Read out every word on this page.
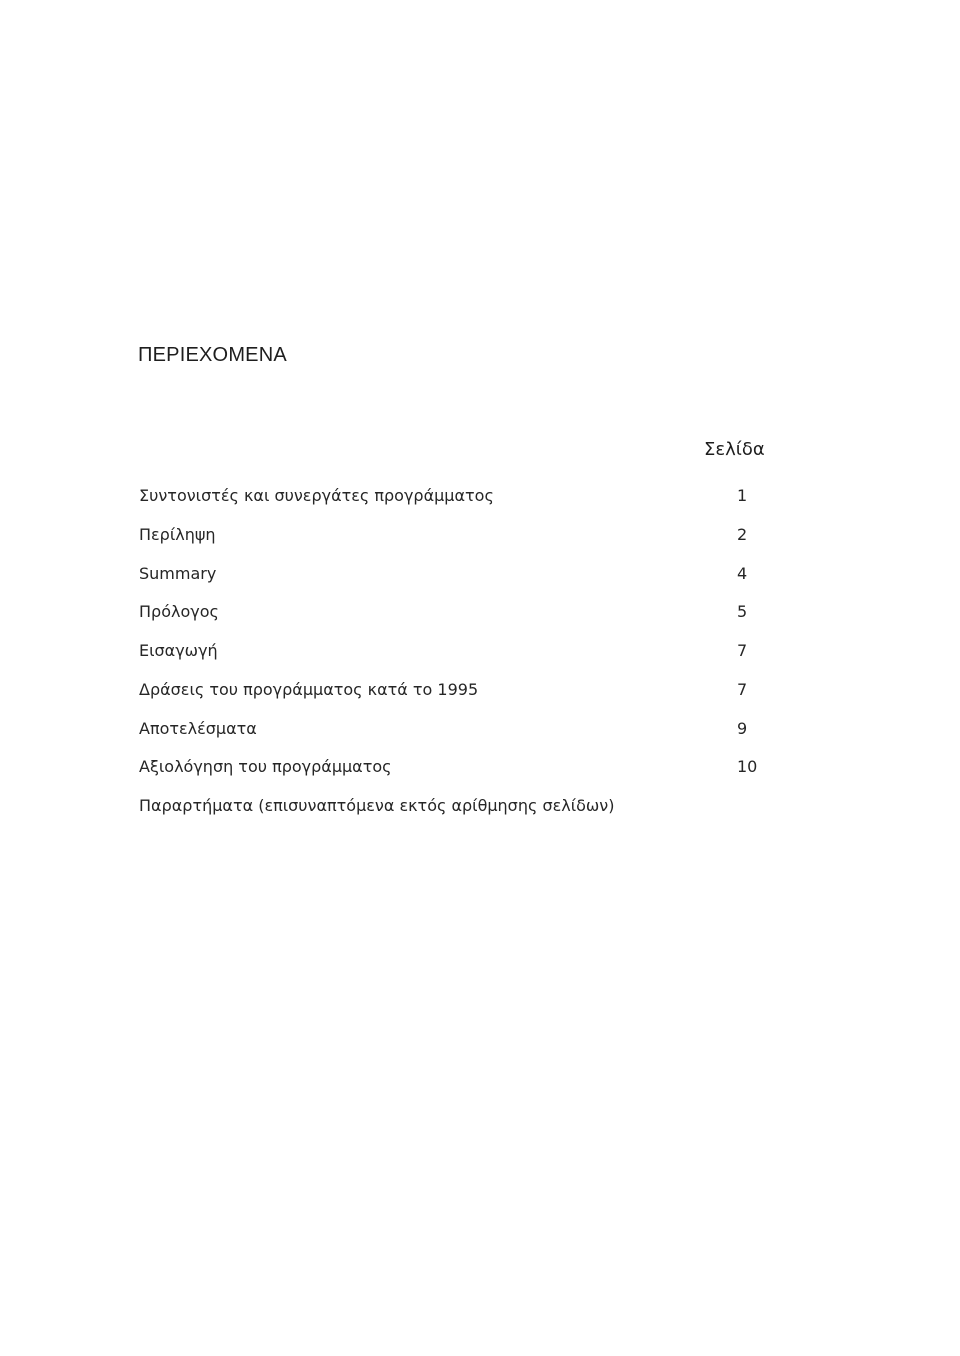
ΠΕΡΙΕΧΟΜΕΝΑ
Σελίδα
Συντονιστές και συνεργάτες προγράμματος	1
Περίληψη	2
Summary	4
Πρόλογος	5
Εισαγωγή	7
Δράσεις του προγράμματος κατά το 1995	7
Αποτελέσματα	9
Αξιολόγηση του προγράμματος	10
Παραρτήματα (επισυναπτόμενα εκτός αρίθμησης σελίδων)
